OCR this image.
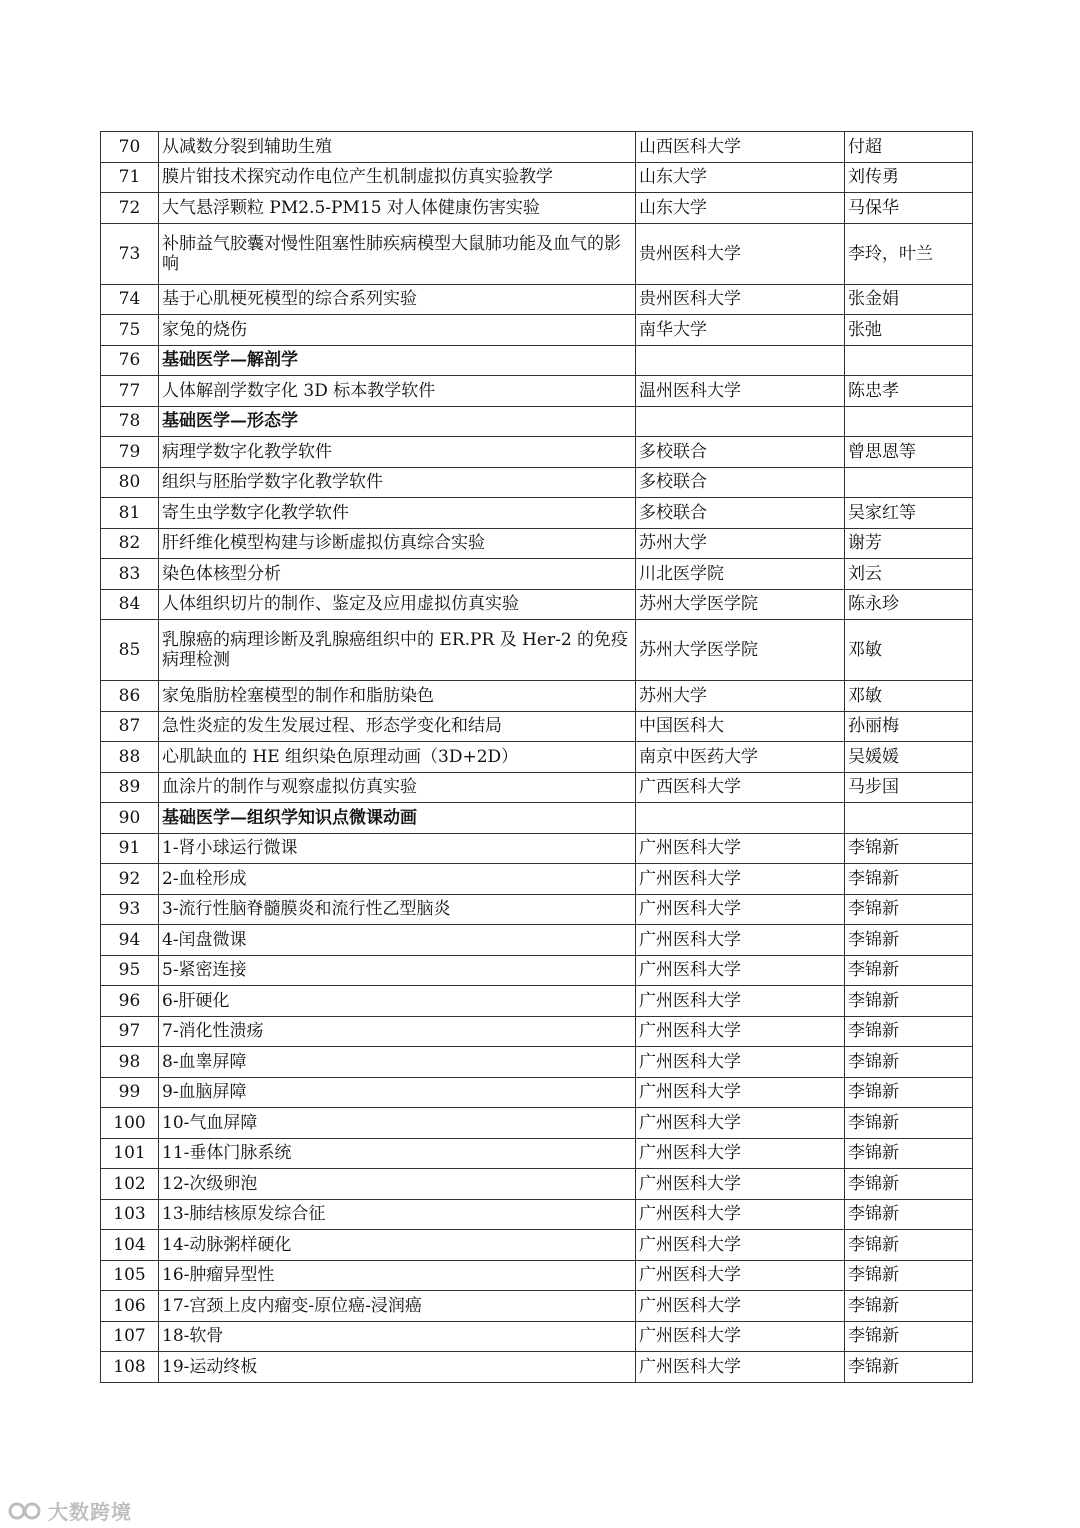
70	从减数分裂到辅助生殖	山西医科大学	付超
71	膜片钳技术探究动作电位产生机制虚拟仿真实验教学	山东大学	刘传勇
72	大气悬浮颗粒 PM2.5-PM15 对人体健康伤害实验	山东大学	马保华
73	补肺益气胶囊对慢性阻塞性肺疾病模型大鼠肺功能及血气的影响	贵州医科大学	李玲，叶兰
74	基于心肌梗死模型的综合系列实验	贵州医科大学	张金娟
75	家兔的烧伤	南华大学	张弛
76	基础医学—解剖学		
77	人体解剖学数字化 3D 标本教学软件	温州医科大学	陈忠孝
78	基础医学—形态学		
79	病理学数字化教学软件	多校联合	曾思恩等
80	组织与胚胎学数字化教学软件	多校联合	
81	寄生虫学数字化教学软件	多校联合	吴家红等
82	肝纤维化模型构建与诊断虚拟仿真综合实验	苏州大学	谢芳
83	染色体核型分析	川北医学院	刘云
84	人体组织切片的制作、鉴定及应用虚拟仿真实验	苏州大学医学院	陈永珍
85	乳腺癌的病理诊断及乳腺癌组织中的 ER.PR 及 Her-2 的免疫病理检测	苏州大学医学院	邓敏
86	家兔脂肪栓塞模型的制作和脂肪染色	苏州大学	邓敏
87	急性炎症的发生发展过程、形态学变化和结局	中国医科大	孙丽梅
88	心肌缺血的 HE 组织染色原理动画（3D+2D）	南京中医药大学	吴媛媛
89	血涂片的制作与观察虚拟仿真实验	广西医科大学	马步国
90	基础医学—组织学知识点微课动画		
91	1-肾小球运行微课	广州医科大学	李锦新
92	2-血栓形成	广州医科大学	李锦新
93	3-流行性脑脊髓膜炎和流行性乙型脑炎	广州医科大学	李锦新
94	4-闰盘微课	广州医科大学	李锦新
95	5-紧密连接	广州医科大学	李锦新
96	6-肝硬化	广州医科大学	李锦新
97	7-消化性溃疡	广州医科大学	李锦新
98	8-血睾屏障	广州医科大学	李锦新
99	9-血脑屏障	广州医科大学	李锦新
100	10-气血屏障	广州医科大学	李锦新
101	11-垂体门脉系统	广州医科大学	李锦新
102	12-次级卵泡	广州医科大学	李锦新
103	13-肺结核原发综合征	广州医科大学	李锦新
104	14-动脉粥样硬化	广州医科大学	李锦新
105	16-肿瘤异型性	广州医科大学	李锦新
106	17-宫颈上皮内瘤变-原位癌-浸润癌	广州医科大学	李锦新
107	18-软骨	广州医科大学	李锦新
108	19-运动终板	广州医科大学	李锦新
大数跨境
